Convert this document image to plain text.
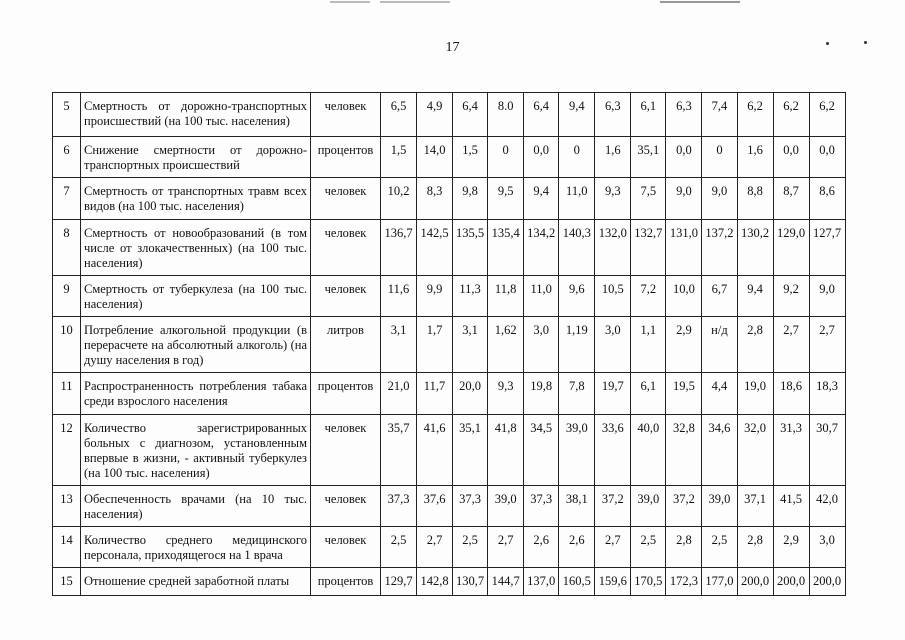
17
5	Смертность от дорожно-транспортных происшествий (на 100 тыс. населения)	человек	6,5	4,9	6,4	8.0	6,4	9,4	6,3	6,1	6,3	7,4	6,2	6,2	6,2
6	Снижение смертности от дорожно-транспортных происшествий	процентов	1,5	14,0	1,5	0	0,0	0	1,6	35,1	0,0	0	1,6	0,0	0,0
7	Смертность от транспортных травм всех видов (на 100 тыс. населения)	человек	10,2	8,3	9,8	9,5	9,4	11,0	9,3	7,5	9,0	9,0	8,8	8,7	8,6
8	Смертность от новообразований (в том числе от злокачественных) (на 100 тыс. населения)	человек	136,7	142,5	135,5	135,4	134,2	140,3	132,0	132,7	131,0	137,2	130,2	129,0	127,7
9	Смертность от туберкулеза (на 100 тыс. населения)	человек	11,6	9,9	11,3	11,8	11,0	9,6	10,5	7,2	10,0	6,7	9,4	9,2	9,0
10	Потребление алкогольной продукции (в перерасчете на абсолютный алкоголь) (на душу населения в год)	литров	3,1	1,7	3,1	1,62	3,0	1,19	3,0	1,1	2,9	н/д	2,8	2,7	2,7
11	Распространенность потребления табака среди взрослого населения	процентов	21,0	11,7	20,0	9,3	19,8	7,8	19,7	6,1	19,5	4,4	19,0	18,6	18,3
12	Количество зарегистрированных больных с диагнозом, установленным впервые в жизни, - активный туберкулез (на 100 тыс. населения)	человек	35,7	41,6	35,1	41,8	34,5	39,0	33,6	40,0	32,8	34,6	32,0	31,3	30,7
13	Обеспеченность врачами (на 10 тыс. населения)	человек	37,3	37,6	37,3	39,0	37,3	38,1	37,2	39,0	37,2	39,0	37,1	41,5	42,0
14	Количество среднего медицинского персонала, приходящегося на 1 врача	человек	2,5	2,7	2,5	2,7	2,6	2,6	2,7	2,5	2,8	2,5	2,8	2,9	3,0
15	Отношение средней заработной платы	процентов	129,7	142,8	130,7	144,7	137,0	160,5	159,6	170,5	172,3	177,0	200,0	200,0	200,0
